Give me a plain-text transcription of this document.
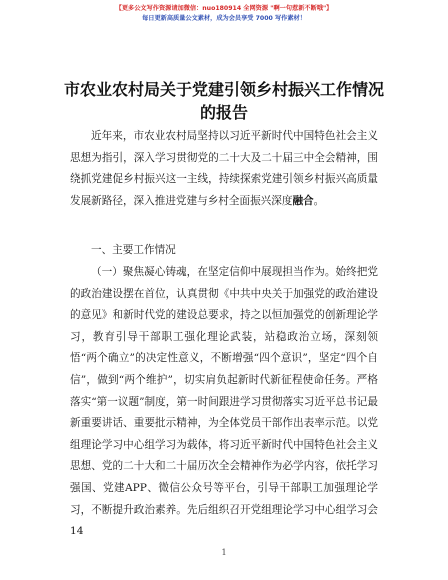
【更多公文写作资源请加微信：nuo180914 全网资源 "啊一句惹新不断哦"】
每日更新高质量公文素材，成为会员享受 7000 写作素材！
市农业农村局关于党建引领乡村振兴工作情况
的报告

近年来，市农业农村局坚持以习近平新时代中国特色社会主义思想为指引，深入学习贯彻党的二十大及二十届三中全会精神，围绕抓党建促乡村振兴这一主线，持续探索党建引领乡村振兴高质量发展新路径，深入推进党建与乡村全面振兴深度融合。

一、主要工作情况

（一）聚焦凝心铸魂，在坚定信仰中展现担当作为。始终把党的政治建设摆在首位，认真贯彻《中共中央关于加强党的政治建设的意见》和新时代党的建设总要求，持之以恒加强党的创新理论学习，教育引导干部职工强化理论武装，站稳政治立场，深刻领悟“两个确立”的决定性意义，不断增强“四个意识”，坚定“四个自信”，做到“两个维护”，切实肩负起新时代新征程使命任务。严格落实“第一议题”制度，第一时间跟进学习贯彻落实习近平总书记最新重要讲话、重要批示精神，为全体党员干部作出表率示范。以党组理论学习中心组学习为载体，将习近平新时代中国特色社会主义思想、党的二十大和二十届历次全会精神作为必学内容，依托学习强国、党建APP、微信公众号等平台，引导干部职工加强理论学习，不断提升政治素养。先后组织召开党组理论学习中心组学习会 14

1
